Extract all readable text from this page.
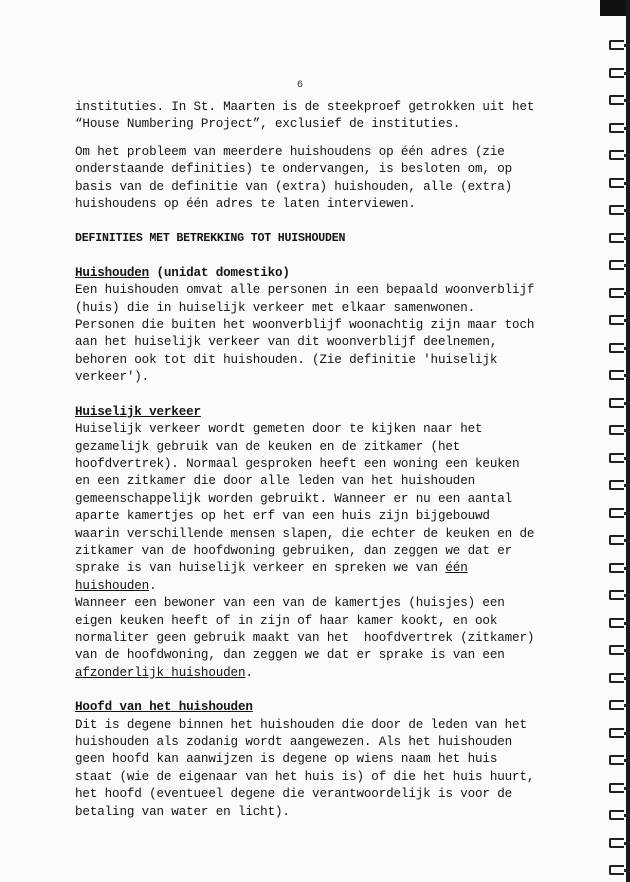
6
instituties. In St. Maarten is de steekproef getrokken uit het
“House Numbering Project”, exclusief de instituties.
Om het probleem van meerdere huishoudens op één adres (zie
onderstaande definities) te ondervangen, is besloten om, op
basis van de definitie van (extra) huishouden, alle (extra)
huishoudens op één adres te laten interviewen.
DEFINITIES MET BETREKKING TOT HUISHOUDEN
Huishouden (unidat domestiko)
Een huishouden omvat alle personen in een bepaald woonverblijf
(huis) die in huiselijk verkeer met elkaar samenwonen.
Personen die buiten het woonverblijf woonachtig zijn maar toch
aan het huiselijk verkeer van dit woonverblijf deelnemen,
behoren ook tot dit huishouden. (Zie definitie 'huiselijk
verkeer').
Huiselijk verkeer
Huiselijk verkeer wordt gemeten door te kijken naar het
gezamelijk gebruik van de keuken en de zitkamer (het
hoofdvertrek). Normaal gesproken heeft een woning een keuken
en een zitkamer die door alle leden van het huishouden
gemeenschappelijk worden gebruikt. Wanneer er nu een aantal
aparte kamertjes op het erf van een huis zijn bijgebouwd
waarin verschillende mensen slapen, die echter de keuken en de
zitkamer van de hoofdwoning gebruiken, dan zeggen we dat er
sprake is van huiselijk verkeer en spreken we van één
huishouden.
Wanneer een bewoner van een van de kamertjes (huisjes) een
eigen keuken heeft of in zijn of haar kamer kookt, en ook
normaliter geen gebruik maakt van het  hoofdvertrek (zitkamer)
van de hoofdwoning, dan zeggen we dat er sprake is van een
afzonderlijk huishouden.
Hoofd van het huishouden
Dit is degene binnen het huishouden die door de leden van het
huishouden als zodanig wordt aangewezen. Als het huishouden
geen hoofd kan aanwijzen is degene op wiens naam het huis
staat (wie de eigenaar van het huis is) of die het huis huurt,
het hoofd (eventueel degene die verantwoordelijk is voor de
betaling van water en licht).
